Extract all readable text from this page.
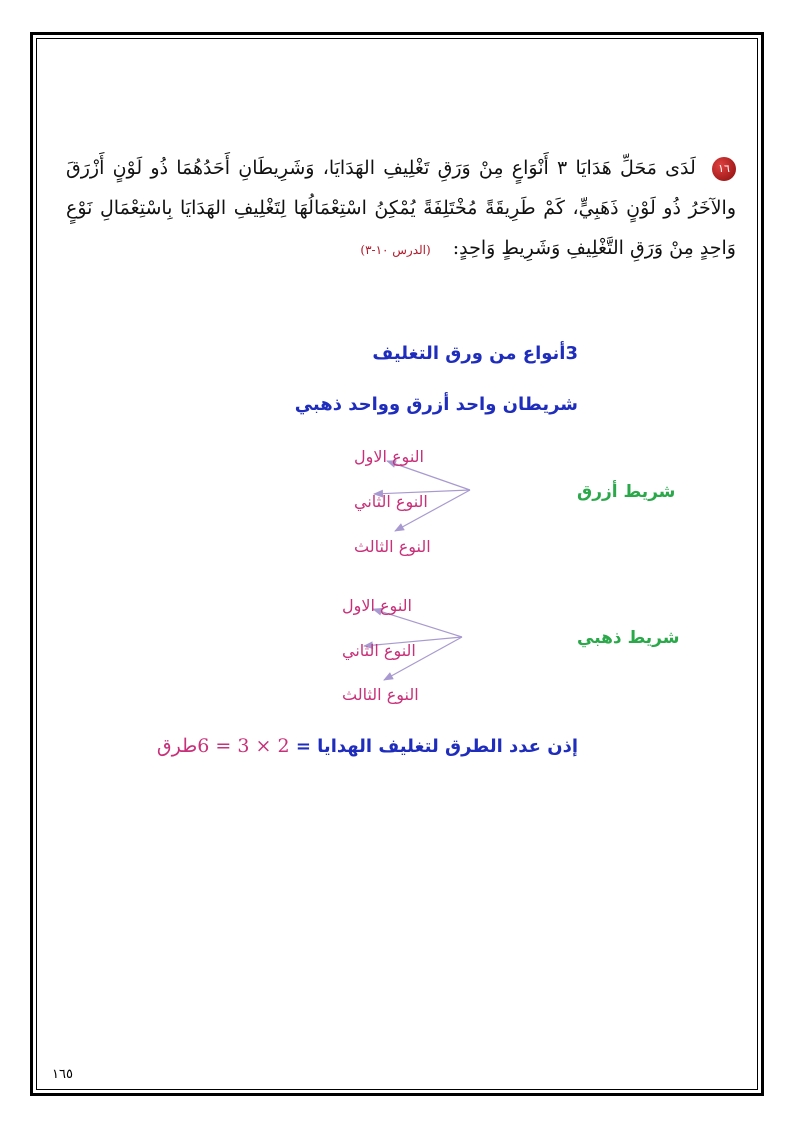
١٦ لَدَى مَحَلِّ هَدَايَا ٣ أَنْوَاعٍ مِنْ وَرَقِ تَغْلِيفِ الهَدَايَا، وَشَرِيطَانِ أَحَدُهُمَا ذُو لَوْنٍ أَزْرَقَ والآخَرُ ذُو لَوْنٍ ذَهَبِيٍّ، كَمْ طَرِيقَةً مُخْتَلِفَةً يُمْكِنُ اسْتِعْمَالُهَا لِتَغْلِيفِ الهَدَايَا بِاسْتِعْمَالِ نَوْعٍ وَاحِدٍ مِنْ وَرَقِ التَّغْلِيفِ وَشَرِيطٍ وَاحِدٍ: (الدرس ١٠-٣)
3أنواع من ورق التغليف
شريطان واحد أزرق وواحد ذهبي
شريط أزرق
النوع الاول
النوع الثاني
النوع الثالث
شريط ذهبي
النوع الاول
النوع الثاني
النوع الثالث
إذن عدد الطرق لتغليف الهدايا = 2 × 3 = 6طرق
١٦٥
